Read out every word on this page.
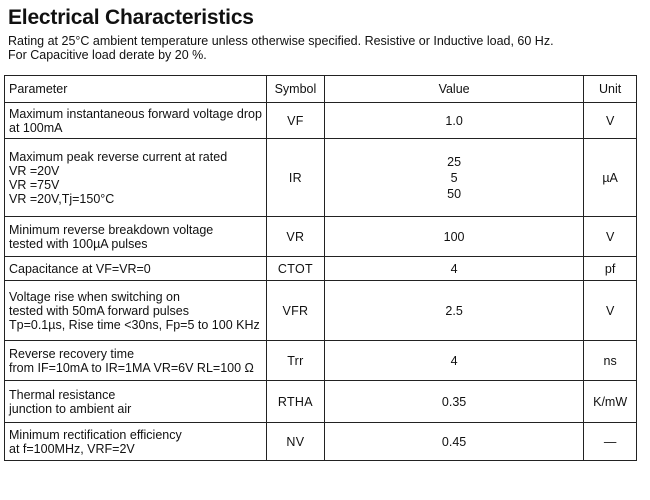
Electrical Characteristics
Rating at 25°C ambient temperature unless otherwise specified. Resistive or Inductive load, 60 Hz.
For Capacitive load derate by 20 %.
Parameter	Symbol	Value	Unit

Maximum instantaneous forward voltage drop
at 100mA	VF	1.0	V

Maximum peak reverse current at rated
VR =20V
VR =75V
VR =20V,Tj=150°C	IR	25
5
50	µA

Minimum reverse breakdown voltage
tested with 100µA pulses	VR	100	V

Capacitance at VF=VR=0	CTOT	4	pf

Voltage rise when switching on
tested with 50mA forward pulses
Tp=0.1µs, Rise time <30ns, Fp=5 to 100 KHz	VFR	2.5	V

Reverse recovery time
from IF=10mA to IR=1MA VR=6V RL=100 Ω	Trr	4	ns

Thermal resistance
junction to ambient air	RTHA	0.35	K/mW

Minimum rectification efficiency
at f=100MHz, VRF=2V	NV	0.45	—
